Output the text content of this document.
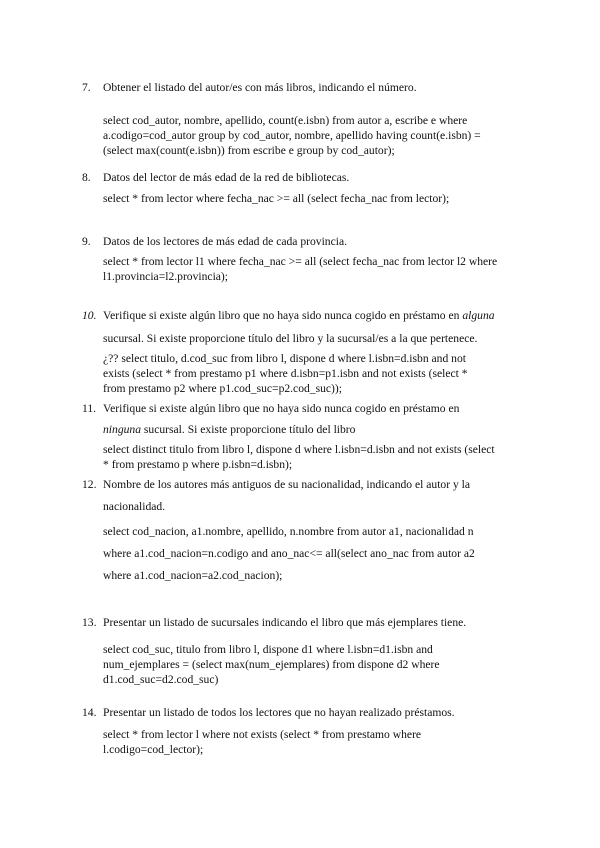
7.	Obtener el listado del autor/es con más libros, indicando el número.
select cod_autor, nombre, apellido, count(e.isbn) from autor a, escribe e where
a.codigo=cod_autor group by cod_autor, nombre, apellido having count(e.isbn) =
(select max(count(e.isbn)) from escribe e group by cod_autor);
8.	Datos del lector de más edad de la red de bibliotecas.
select * from lector where fecha_nac >= all (select fecha_nac from lector);
9.	Datos de los lectores de más edad de cada provincia.
select * from lector l1 where fecha_nac >= all (select fecha_nac from lector l2 where
l1.provincia=l2.provincia);
10. Verifique si existe algún libro que no haya sido nunca cogido en préstamo en alguna
sucursal. Si existe proporcione título del libro y la sucursal/es a la que pertenece.
¿?? select titulo, d.cod_suc from libro l, dispone d where l.isbn=d.isbn and not
exists (select * from prestamo p1 where d.isbn=p1.isbn and not exists (select *
from prestamo p2 where p1.cod_suc=p2.cod_suc));
11. Verifique si existe algún libro que no haya sido nunca cogido en préstamo en
ninguna sucursal. Si existe proporcione título del libro
select distinct titulo from libro l, dispone d where l.isbn=d.isbn and not exists (select
* from prestamo p where p.isbn=d.isbn);
12. Nombre de los autores más antiguos de su nacionalidad, indicando el autor y la
nacionalidad.
select cod_nacion, a1.nombre, apellido, n.nombre from autor a1, nacionalidad n
where a1.cod_nacion=n.codigo and ano_nac<= all(select ano_nac from autor a2
where a1.cod_nacion=a2.cod_nacion);
13. Presentar un listado de sucursales indicando el libro que más ejemplares tiene.
select cod_suc, titulo from libro l, dispone d1 where l.isbn=d1.isbn and
num_ejemplares = (select max(num_ejemplares) from dispone d2 where
d1.cod_suc=d2.cod_suc)
14. Presentar un listado de todos los lectores que no hayan realizado préstamos.
select * from lector l where not exists (select * from prestamo where
l.codigo=cod_lector);
